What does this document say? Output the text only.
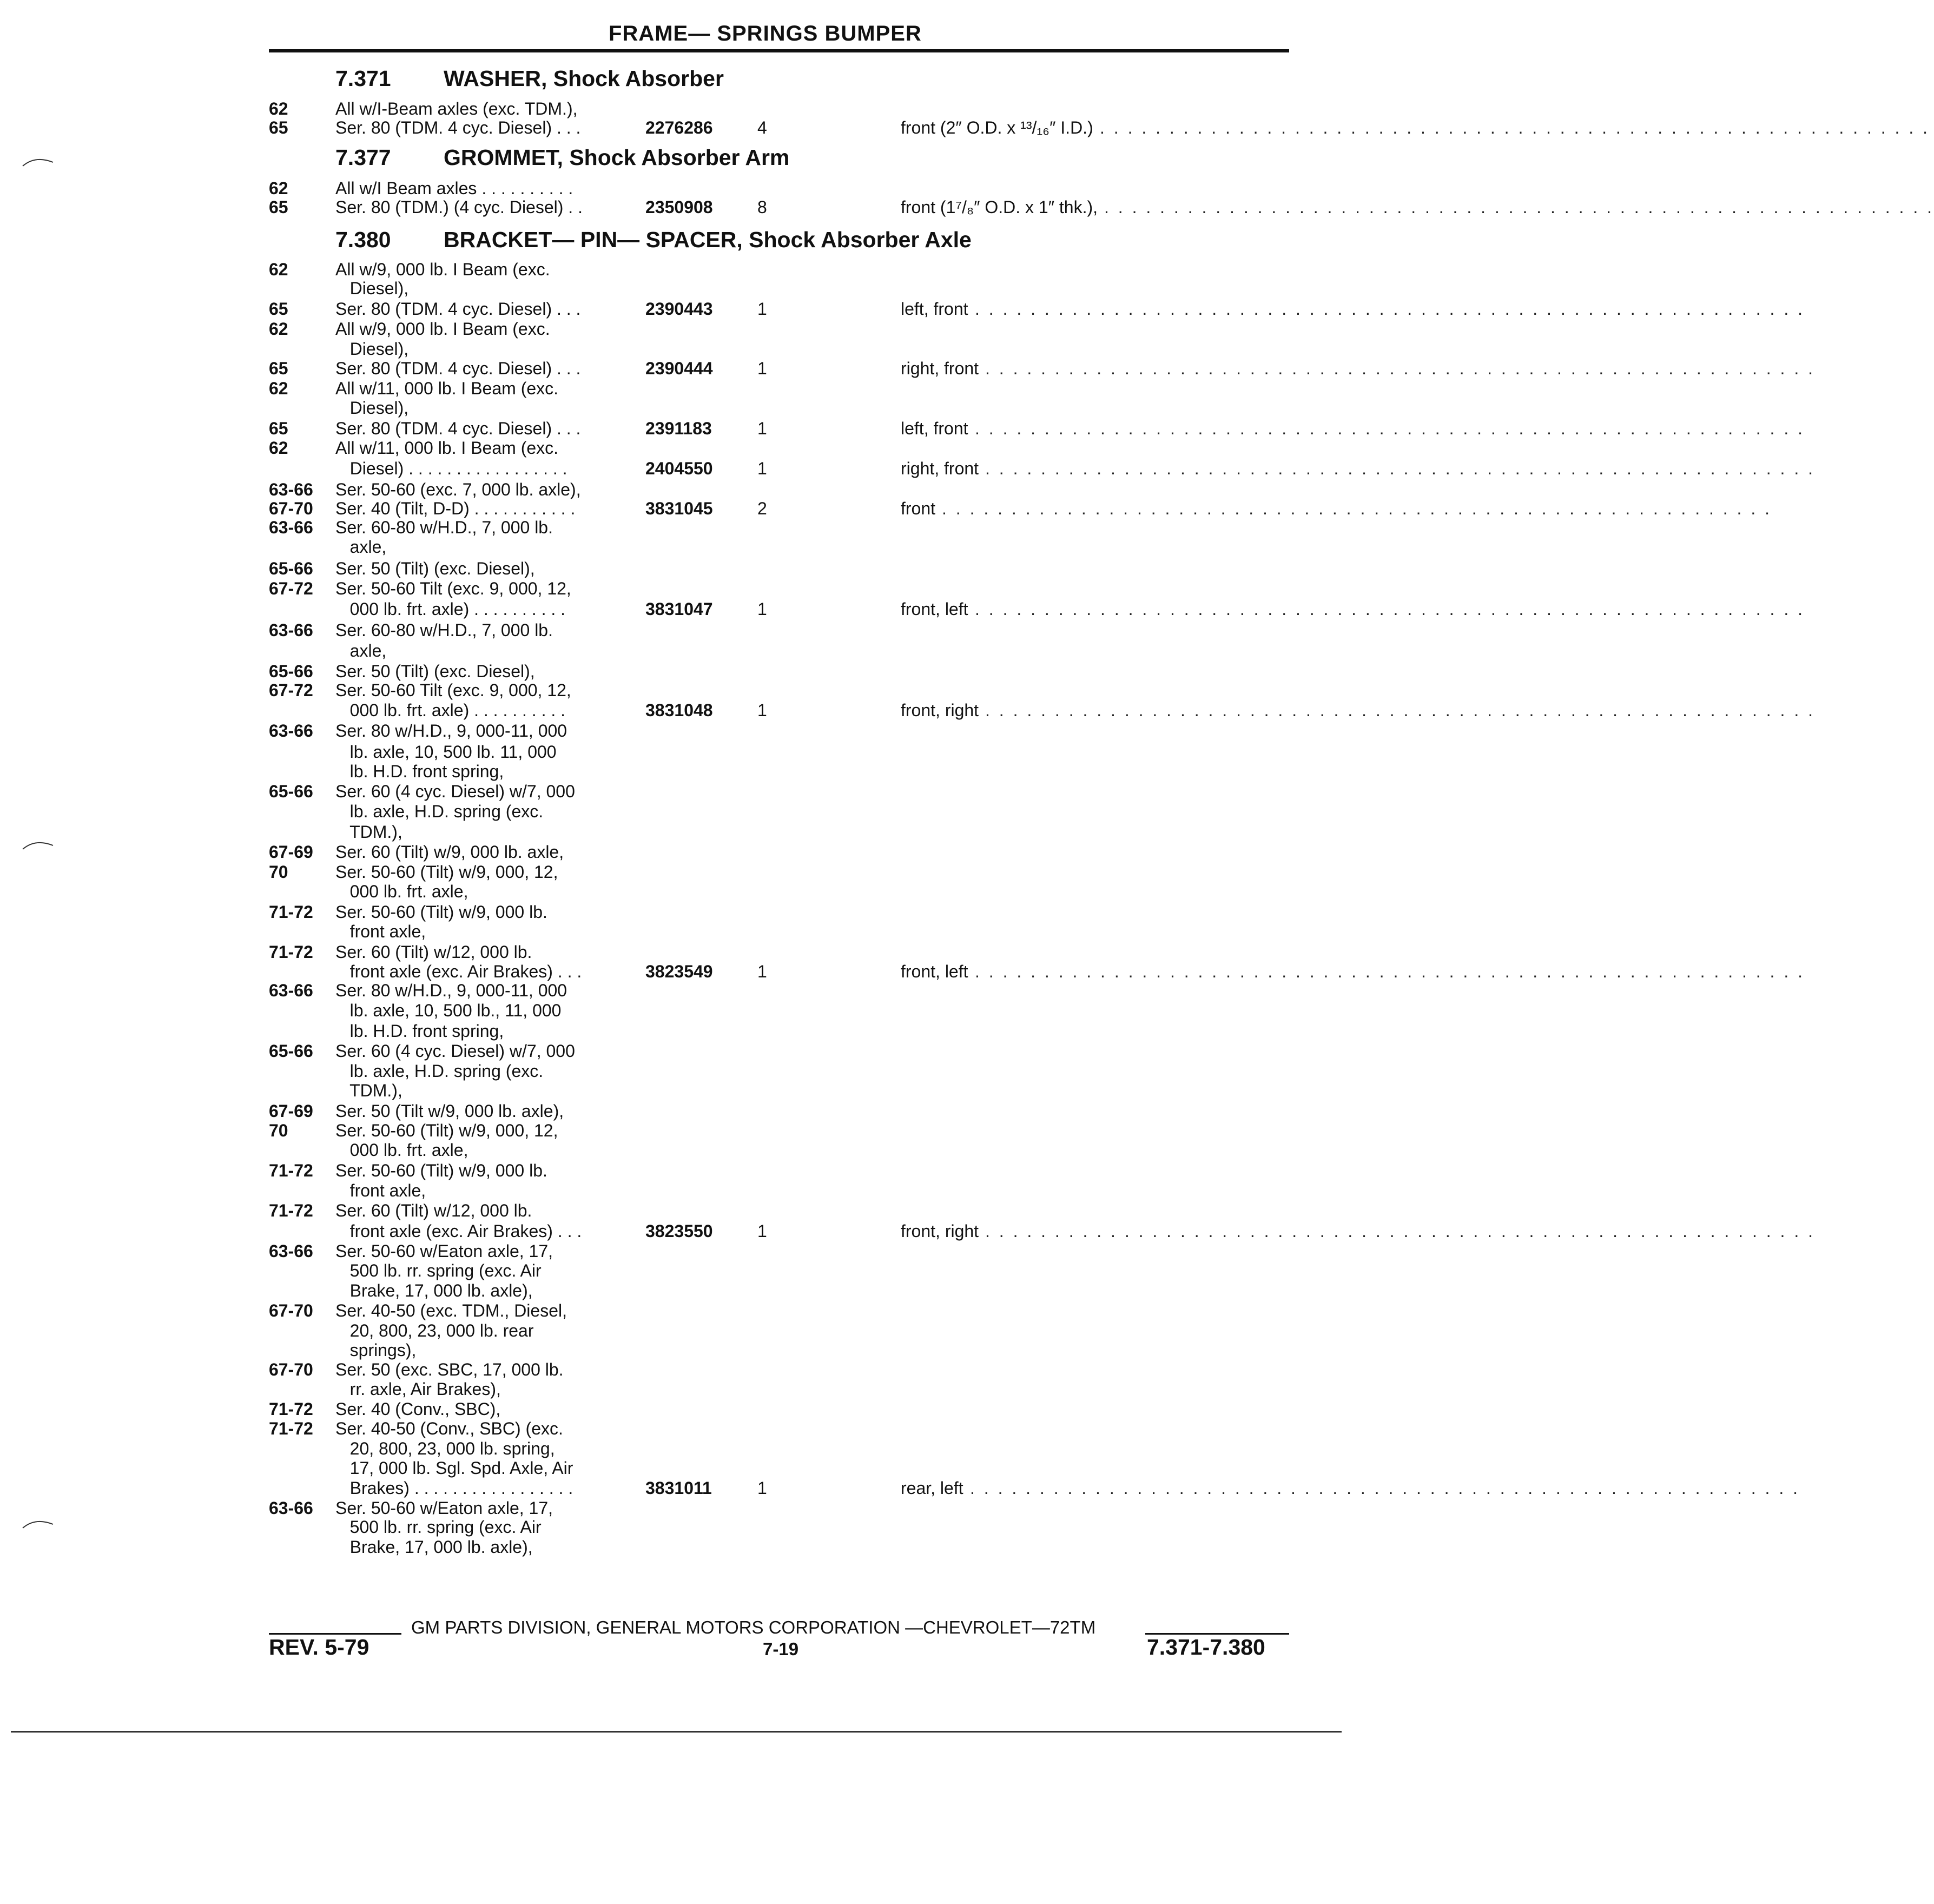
FRAME— SPRINGS BUMPER
7.371 WASHER, Shock Absorber
7.377 GROMMET, Shock Absorber Arm
7.380 BRACKET— PIN— SPACER, Shock Absorber Axle
62	All w/I-Beam axles (exc. TDM.),
65	Ser. 80 (TDM. 4 cyc. Diesel) . . .	2276286	4	front (2″ O.D. x ¹³/₁₆″ I.D.) . . . . . . . . . . . . . . . . . . . . . . . . . . . . . . . . . . . . . . . . . . . . . . . . . . . . . . . . . . . .
62	All w/I Beam axles . . . . . . . . . .
65	Ser. 80 (TDM.) (4 cyc. Diesel) . .	2350908	8	front (1⁷/₈″ O.D. x 1″ thk.), . . . . . . . . . . . . . . . . . . . . . . . . . . . . . . . . . . . . . . . . . . . . . . . . . . . . . . . . . . . .
62	All w/9, 000 lb. I Beam (exc.
Diesel),
65	Ser. 80 (TDM. 4 cyc. Diesel) . . .	2390443	1	left, front . . . . . . . . . . . . . . . . . . . . . . . . . . . . . . . . . . . . . . . . . . . . . . . . . . . . . . . . . . . .
62	All w/9, 000 lb. I Beam (exc.
Diesel),
65	Ser. 80 (TDM. 4 cyc. Diesel) . . .	2390444	1	right, front . . . . . . . . . . . . . . . . . . . . . . . . . . . . . . . . . . . . . . . . . . . . . . . . . . . . . . . . . . . .
62	All w/11, 000 lb. I Beam (exc.
Diesel),
65	Ser. 80 (TDM. 4 cyc. Diesel) . . .	2391183	1	left, front . . . . . . . . . . . . . . . . . . . . . . . . . . . . . . . . . . . . . . . . . . . . . . . . . . . . . . . . . . . .
62	All w/11, 000 lb. I Beam (exc.
Diesel) . . . . . . . . . . . . . . . . .	2404550	1	right, front . . . . . . . . . . . . . . . . . . . . . . . . . . . . . . . . . . . . . . . . . . . . . . . . . . . . . . . . . . . .
63-66 Ser. 50-60 (exc. 7, 000 lb. axle),
67-70 Ser. 40 (Tilt, D-D) . . . . . . . . . . .	3831045	2	front . . . . . . . . . . . . . . . . . . . . . . . . . . . . . . . . . . . . . . . . . . . . . . . . . . . . . . . . . . . .
63-66 Ser. 60-80 w/H.D., 7, 000 lb.
axle,
65-66 Ser. 50 (Tilt) (exc. Diesel),
67-72 Ser. 50-60 Tilt (exc. 9, 000, 12,
000 lb. frt. axle) . . . . . . . . . .	3831047	1	front, left . . . . . . . . . . . . . . . . . . . . . . . . . . . . . . . . . . . . . . . . . . . . . . . . . . . . . . . . . . . .
63-66 Ser. 60-80 w/H.D., 7, 000 lb.
axle,
65-66 Ser. 50 (Tilt) (exc. Diesel),
67-72 Ser. 50-60 Tilt (exc. 9, 000, 12,
000 lb. frt. axle) . . . . . . . . . .	3831048	1	front, right . . . . . . . . . . . . . . . . . . . . . . . . . . . . . . . . . . . . . . . . . . . . . . . . . . . . . . . . . . . .
63-66 Ser. 80 w/H.D., 9, 000-11, 000
lb. axle, 10, 500 lb. 11, 000
lb. H.D. front spring,
65-66 Ser. 60 (4 cyc. Diesel) w/7, 000
lb. axle, H.D. spring (exc.
TDM.),
67-69 Ser. 60 (Tilt) w/9, 000 lb. axle,
70	Ser. 50-60 (Tilt) w/9, 000, 12,
000 lb. frt. axle,
71-72 Ser. 50-60 (Tilt) w/9, 000 lb.
front axle,
71-72 Ser. 60 (Tilt) w/12, 000 lb.
front axle (exc. Air Brakes) . . .	3823549	1	front, left . . . . . . . . . . . . . . . . . . . . . . . . . . . . . . . . . . . . . . . . . . . . . . . . . . . . . . . . . . . .
63-66 Ser. 80 w/H.D., 9, 000-11, 000
lb. axle, 10, 500 lb., 11, 000
lb. H.D. front spring,
65-66 Ser. 60 (4 cyc. Diesel) w/7, 000
lb. axle, H.D. spring (exc.
TDM.),
67-69 Ser. 50 (Tilt w/9, 000 lb. axle),
70	Ser. 50-60 (Tilt) w/9, 000, 12,
000 lb. frt. axle,
71-72 Ser. 50-60 (Tilt) w/9, 000 lb.
front axle,
71-72 Ser. 60 (Tilt) w/12, 000 lb.
front axle (exc. Air Brakes) . . .	3823550	1	front, right . . . . . . . . . . . . . . . . . . . . . . . . . . . . . . . . . . . . . . . . . . . . . . . . . . . . . . . . . . . .
63-66 Ser. 50-60 w/Eaton axle, 17,
500 lb. rr. spring (exc. Air
Brake, 17, 000 lb. axle),
67-70 Ser. 40-50 (exc. TDM., Diesel,
20, 800, 23, 000 lb. rear
springs),
67-70 Ser. 50 (exc. SBC, 17, 000 lb.
rr. axle, Air Brakes),
71-72 Ser. 40 (Conv., SBC),
71-72 Ser. 40-50 (Conv., SBC) (exc.
20, 800, 23, 000 lb. spring,
17, 000 lb. Sgl. Spd. Axle, Air
Brakes) . . . . . . . . . . . . . . . . .	3831011	1	rear, left . . . . . . . . . . . . . . . . . . . . . . . . . . . . . . . . . . . . . . . . . . . . . . . . . . . . . . . . . . . .
63-66 Ser. 50-60 w/Eaton axle, 17,
500 lb. rr. spring (exc. Air
Brake, 17, 000 lb. axle),
GM PARTS DIVISION, GENERAL MOTORS CORPORATION —CHEVROLET—72TM
REV. 5-79	7-19	7.371-7.380
